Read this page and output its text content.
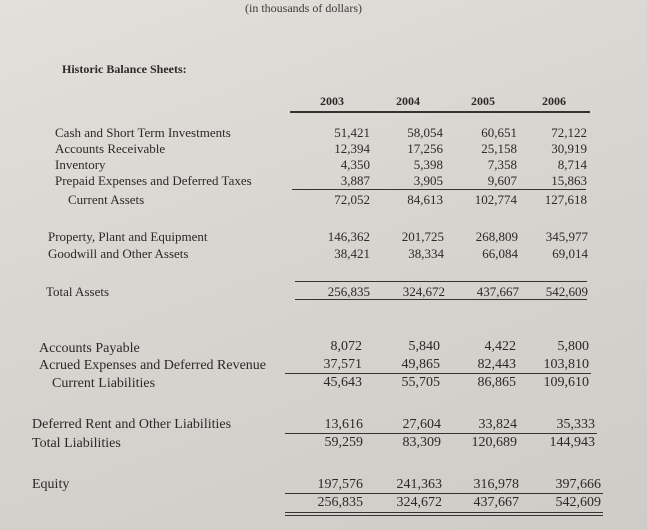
(in thousands of dollars)
Historic Balance Sheets:
2003	2004	2005	2006
Cash and Short Term Investments	51,421	58,054	60,651	72,122
Accounts Receivable	12,394	17,256	25,158	30,919
Inventory	4,350	5,398	7,358	8,714
Prepaid Expenses and Deferred Taxes	3,887	3,905	9,607	15,863
Current Assets	72,052	84,613	102,774	127,618
Property, Plant and Equipment	146,362	201,725	268,809	345,977
Goodwill and Other Assets	38,421	38,334	66,084	69,014
Total Assets	256,835	324,672	437,667	542,609
Accounts Payable	8,072	5,840	4,422	5,800
Acrued Expenses and Deferred Revenue	37,571	49,865	82,443	103,810
Current Liabilities	45,643	55,705	86,865	109,610
Deferred Rent and Other Liabilities	13,616	27,604	33,824	35,333
Total Liabilities	59,259	83,309	120,689	144,943
Equity	197,576	241,363	316,978	397,666
256,835	324,672	437,667	542,609
